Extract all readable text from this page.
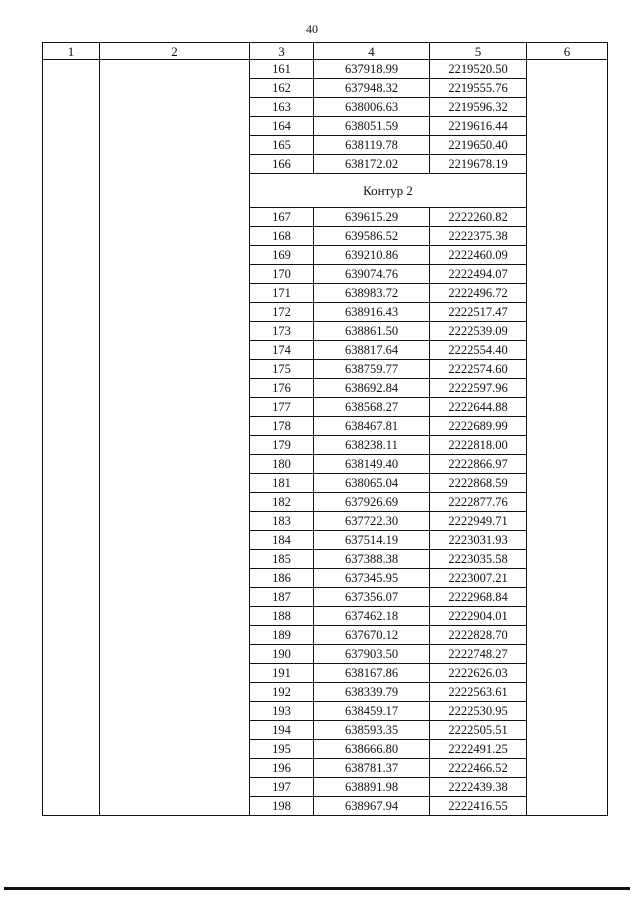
40
1	2	3	4	5	6
		161	637918.99	2219520.50	
		162	637948.32	2219555.76	
		163	638006.63	2219596.32	
		164	638051.59	2219616.44	
		165	638119.78	2219650.40	
		166	638172.02	2219678.19	
		Контур 2			
		167	639615.29	2222260.82	
		168	639586.52	2222375.38	
		169	639210.86	2222460.09	
		170	639074.76	2222494.07	
		171	638983.72	2222496.72	
		172	638916.43	2222517.47	
		173	638861.50	2222539.09	
		174	638817.64	2222554.40	
		175	638759.77	2222574.60	
		176	638692.84	2222597.96	
		177	638568.27	2222644.88	
		178	638467.81	2222689.99	
		179	638238.11	2222818.00	
		180	638149.40	2222866.97	
		181	638065.04	2222868.59	
		182	637926.69	2222877.76	
		183	637722.30	2222949.71	
		184	637514.19	2223031.93	
		185	637388.38	2223035.58	
		186	637345.95	2223007.21	
		187	637356.07	2222968.84	
		188	637462.18	2222904.01	
		189	637670.12	2222828.70	
		190	637903.50	2222748.27	
		191	638167.86	2222626.03	
		192	638339.79	2222563.61	
		193	638459.17	2222530.95	
		194	638593.35	2222505.51	
		195	638666.80	2222491.25	
		196	638781.37	2222466.52	
		197	638891.98	2222439.38	
		198	638967.94	2222416.55	
